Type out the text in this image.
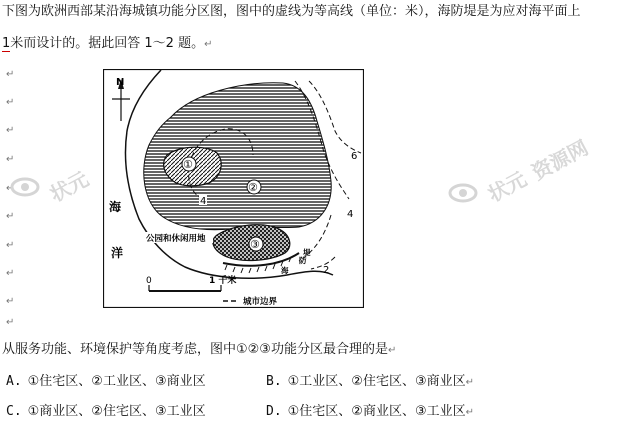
下图为欧洲西部某沿海城镇功能分区图，图中的虚线为等高线（单位：米），海防堤是为应对海平面上
1米而设计的。据此回答 1～2 题。↵
↵
↵
↵
↵
↵
↵
↵
↵
↵
↵
状元	状元
资源网
N
海
洋
①
②
③
4
4
6
2
公园和休闲用地
海
防
堤
0	1 千米
城市边界
从服务功能、环境保护等角度考虑，图中①②③功能分区最合理的是↵
A. ①住宅区、②工业区、③商业区	B. ①工业区、②住宅区、③商业区↵
C. ①商业区、②住宅区、③工业区	D. ①住宅区、②商业区、③工业区↵
